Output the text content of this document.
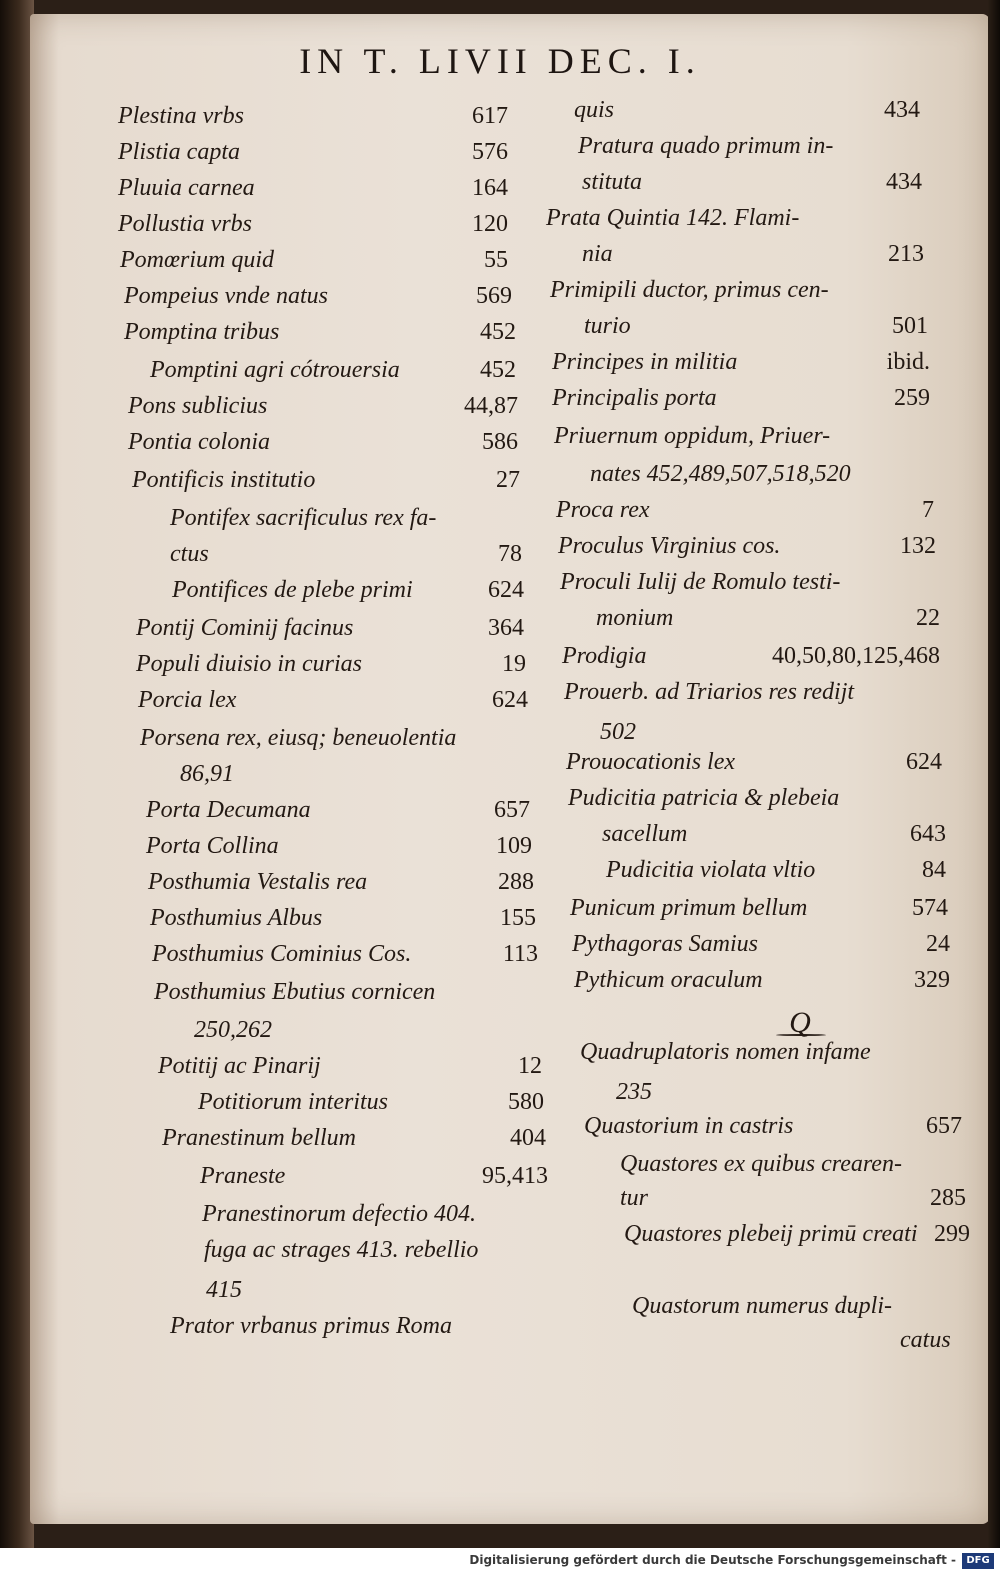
IN T. LIVII DEC. I.
Plestina vrbs	617
Plistia capta	576
Pluuia carnea	164
Pollustia vrbs	120
Pomœrium quid	55
Pompeius vnde natus	569
Pomptina tribus	452
Pomptini agri cótrouersia	452
Pons sublicius	44,87
Pontia colonia	586
Pontificis institutio	27
Pontifex sacrificulus rex fa-
ctus	78
Pontifices de plebe primi	624
Pontij Cominij facinus	364
Populi diuisio in curias	19
Porcia lex	624
Porsena rex, eiusq; beneuolentia
86,91
Porta Decumana	657
Porta Collina	109
Posthumia Vestalis rea	288
Posthumius Albus	155
Posthumius Cominius Cos.	113
Posthumius Ebutius cornicen
250,262
Potitij ac Pinarij	12
Potitiorum interitus	580
Pranestinum bellum	404
Praneste	95,413
Pranestinorum defectio 404.
fuga ac strages 413. rebellio
415
Prator vrbanus primus Roma
quis	434
Pratura quado primum in-
stituta	434
Prata Quintia 142. Flami-
nia	213
Primipili ductor, primus cen-
turio	501
Principes in militia	ibid.
Principalis porta	259
Priuernum oppidum, Priuer-
nates 452,489,507,518,520
Proca rex	7
Proculus Virginius cos.	132
Proculi Iulij de Romulo testi-
monium	22
Prodigia	40,50,80,125,468
Prouerb. ad Triarios res redijt
502
Prouocationis lex	624
Pudicitia patricia & plebeia
sacellum	643
Pudicitia violata vltio	84
Punicum primum bellum	574
Pythagoras Samius	24
Pythicum oraculum	329
Q
Quadruplatoris nomen infame
235
Quastorium in castris	657
Quastores ex quibus crearen-
tur	285
Quastores plebeij primū creati 299
Quastorum numerus dupli-
catus
Digitalisierung gefördert durch die Deutsche Forschungsgemeinschaft -	DFG
